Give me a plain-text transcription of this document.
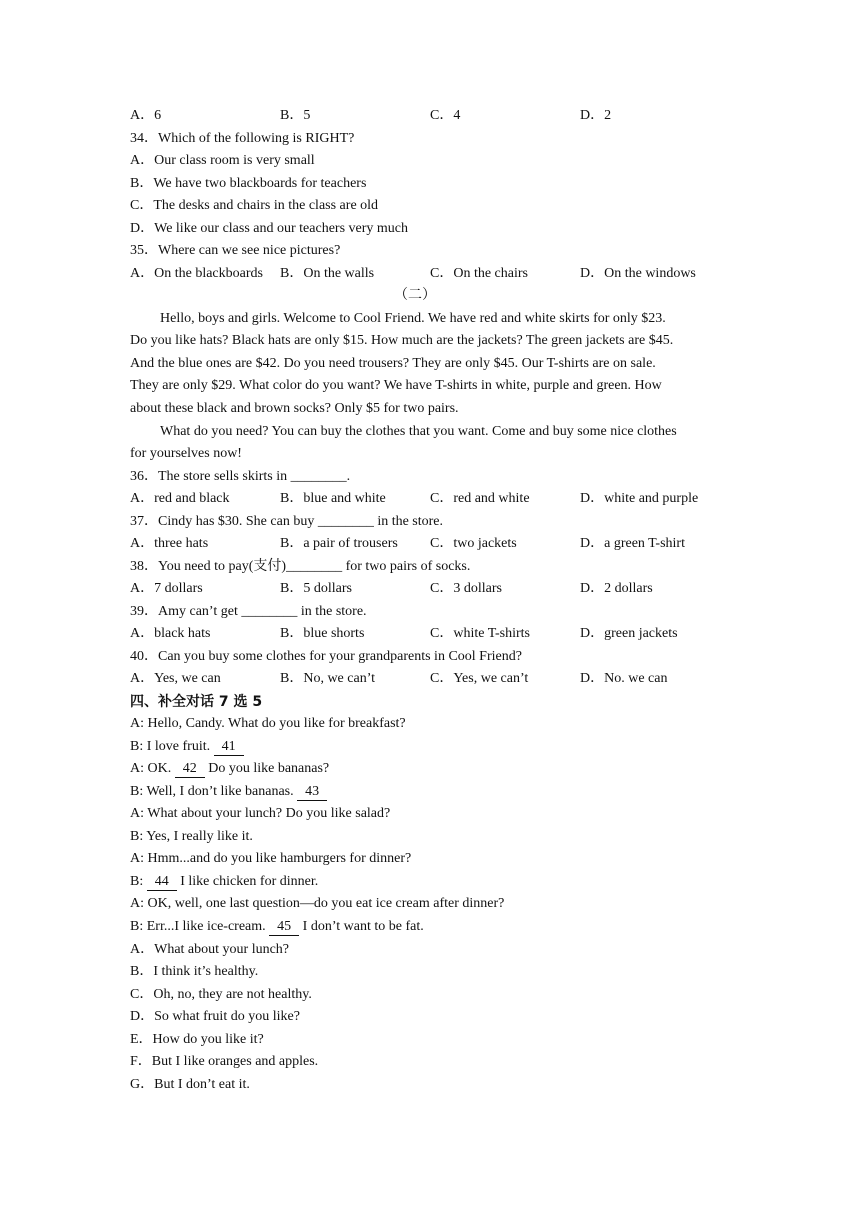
A．6	B．5	C．4	D．2
34．Which of the following is RIGHT?
A．Our class room is very small
B．We have two blackboards for teachers
C．The desks and chairs in the class are old
D．We like our class and our teachers very much
35．Where can we see nice pictures?
A．On the blackboards B．On the walls	C．On the chairs	D．On the windows
（二）
Hello, boys and girls. Welcome to Cool Friend. We have red and white skirts for only $23.
Do you like hats? Black hats are only $15. How much are the jackets? The green jackets are $45.
And the blue ones are $42. Do you need trousers? They are only $45. Our T-shirts are on sale.
They are only $29. What color do you want? We have T-shirts in white, purple and green. How
about these black and brown socks? Only $5 for two pairs.
What do you need? You can buy the clothes that you want. Come and buy some nice clothes
for yourselves now!
36．The store sells skirts in ________.
A．red and black	B．blue and white	C．red and white	D．white and purple
37．Cindy has $30. She can buy ________ in the store.
A．three hats	B．a pair of trousers C．two jackets	D．a green T-shirt
38．You need to pay(支付)________ for two pairs of socks.
A．7 dollars	B．5 dollars	C．3 dollars	D．2 dollars
39．Amy can’t get ________ in the store.
A．black hats	B．blue shorts	C．white T-shirts	D．green jackets
40．Can you buy some clothes for your grandparents in Cool Friend?
A．Yes, we can	B．No, we can’t	C．Yes, we can’t	D．No. we can
四、补全对话 7 选 5
A: Hello, Candy. What do you like for breakfast?
B: I love fruit. 41
A: OK. 42 Do you like bananas?
B: Well, I don’t like bananas. 43
A: What about your lunch? Do you like salad?
B: Yes, I really like it.
A: Hmm...and do you like hamburgers for dinner?
B: 44 I like chicken for dinner.
A: OK, well, one last question—do you eat ice cream after dinner?
B: Err...I like ice-cream. 45 I don’t want to be fat.
A．What about your lunch?
B．I think it’s healthy.
C．Oh, no, they are not healthy.
D．So what fruit do you like?
E．How do you like it?
F．But I like oranges and apples.
G．But I don’t eat it.
